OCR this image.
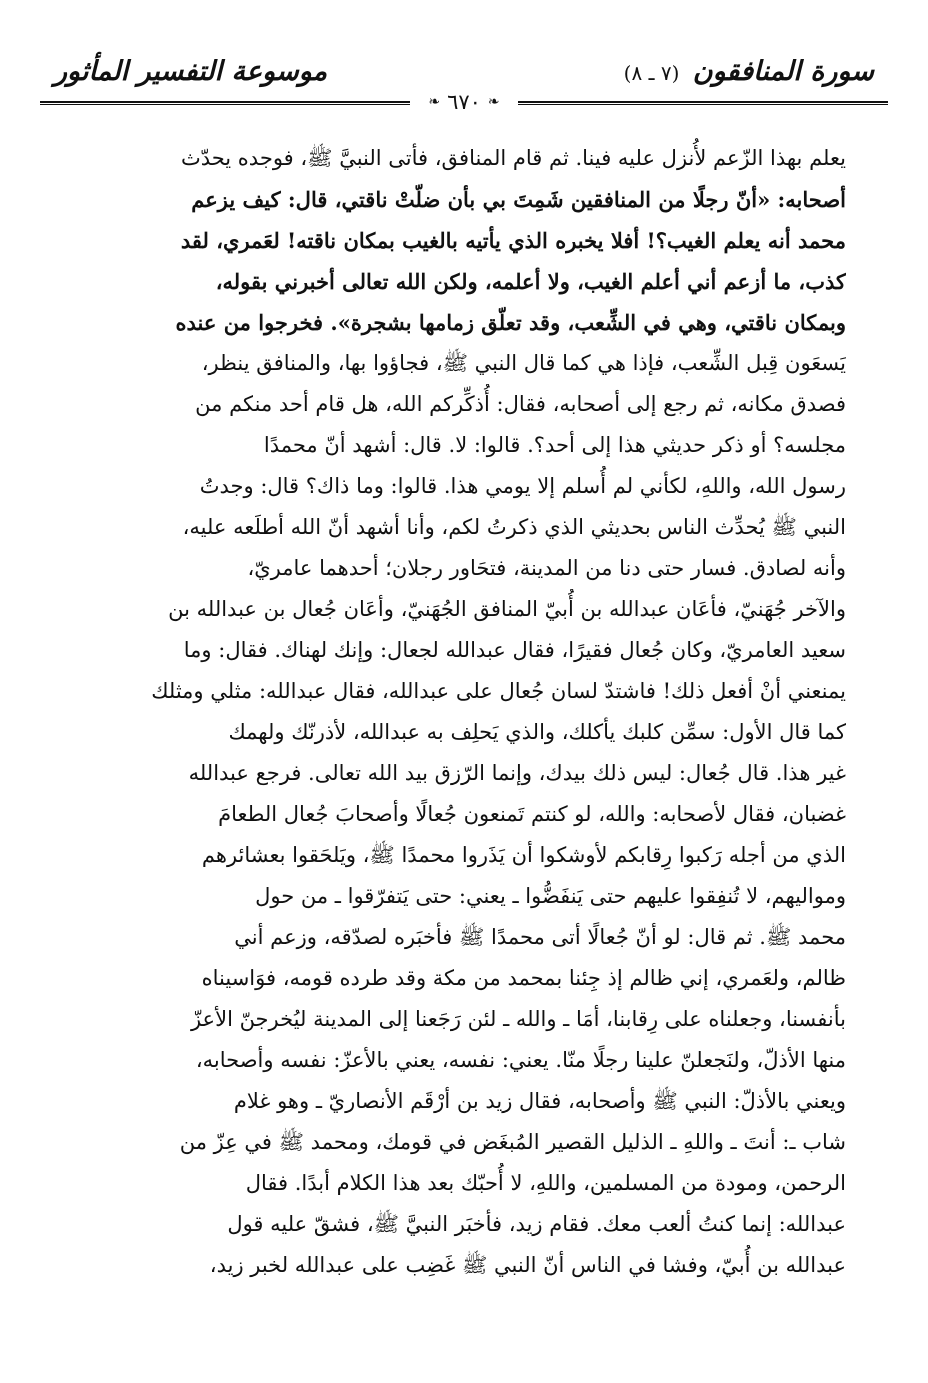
سورة المنافقون (٧ ـ ٨)
موسوعة التفسير المأثور
❧٦٧٠❧
يعلم بهذا الزّعم لأُنزل عليه فينا. ثم قام المنافق، فأتى النبيَّ ﷺ، فوجده يحدّث
أصحابه: «أنّ رجلًا من المنافقين شَمِتَ بي بأن ضلّتْ ناقتي، قال: كيف يزعم
محمد أنه يعلم الغيب؟! أفلا يخبره الذي يأتيه بالغيب بمكان ناقته! لعَمري، لقد
كذب، ما أزعم أني أعلم الغيب، ولا أعلمه، ولكن الله تعالى أخبرني بقوله،
وبمكان ناقتي، وهي في الشِّعب، وقد تعلّق زمامها بشجرة». فخرجوا من عنده
يَسعَون قِبل الشِّعب، فإذا هي كما قال النبي ﷺ، فجاؤوا بها، والمنافق ينظر،
فصدق مكانه، ثم رجع إلى أصحابه، فقال: أُذكِّركم الله، هل قام أحد منكم من
مجلسه؟ أو ذكر حديثي هذا إلى أحد؟. قالوا: لا. قال: أشهد أنّ محمدًا
رسول الله، واللهِ، لكأني لم أُسلم إلا يومي هذا. قالوا: وما ذاك؟ قال: وجدتُ
النبي ﷺ يُحدِّث الناس بحديثي الذي ذكرتُ لكم، وأنا أشهد أنّ الله أطلَعه عليه،
وأنه لصادق. فسار حتى دنا من المدينة، فتحَاور رجلان؛ أحدهما عامريّ،
والآخر جُهَنيّ، فأعَان عبدالله بن أُبيّ المنافق الجُهَنيّ، وأعَان جُعال بن عبدالله بن
سعيد العامريّ، وكان جُعال فقيرًا، فقال عبدالله لجعال: وإنك لهناك. فقال: وما
يمنعني أنْ أفعل ذلك! فاشتدّ لسان جُعال على عبدالله، فقال عبدالله: مثلي ومثلك
كما قال الأول: سمِّن كلبك يأكلك، والذي يَحلِف به عبدالله، لأذرنّك ولهمك
غير هذا. قال جُعال: ليس ذلك بيدك، وإنما الرّزق بيد الله تعالى. فرجع عبدالله
غضبان، فقال لأصحابه: والله، لو كنتم تَمنعون جُعالًا وأصحابَ جُعال الطعامَ
الذي من أجله رَكبوا رِقابكم لأوشكوا أن يَذَروا محمدًا ﷺ، ويَلحَقوا بعشائرهم
ومواليهم، لا تُنفِقوا عليهم حتى يَنفَضُّوا ـ يعني: حتى يَتفرّقوا ـ من حول
محمد ﷺ. ثم قال: لو أنّ جُعالًا أتى محمدًا ﷺ فأخبَره لصدّقه، وزعم أني
ظالم، ولعَمري، إني ظالم إذ جِئنا بمحمد من مكة وقد طرده قومه، فوَاسيناه
بأنفسنا، وجعلناه على رِقابنا، أمَا ـ والله ـ لئن رَجَعنا إلى المدينة ليُخرجنّ الأعزّ
منها الأذلّ، ولنَجعلنّ علينا رجلًا منّا. يعني: نفسه، يعني بالأعزّ: نفسه وأصحابه،
ويعني بالأذلّ: النبي ﷺ وأصحابه، فقال زيد بن أرْقَم الأنصاريّ ـ وهو غلام
شاب ـ: أنتَ ـ واللهِ ـ الذليل القصير المُبغَض في قومك، ومحمد ﷺ في عِزّ من
الرحمن، ومودة من المسلمين، واللهِ، لا أُحبّك بعد هذا الكلام أبدًا. فقال
عبدالله: إنما كنتُ ألعب معك. فقام زيد، فأخبَر النبيَّ ﷺ، فشقّ عليه قول
عبدالله بن أُبيّ، وفشا في الناس أنّ النبي ﷺ غَضِب على عبدالله لخبر زيد،
